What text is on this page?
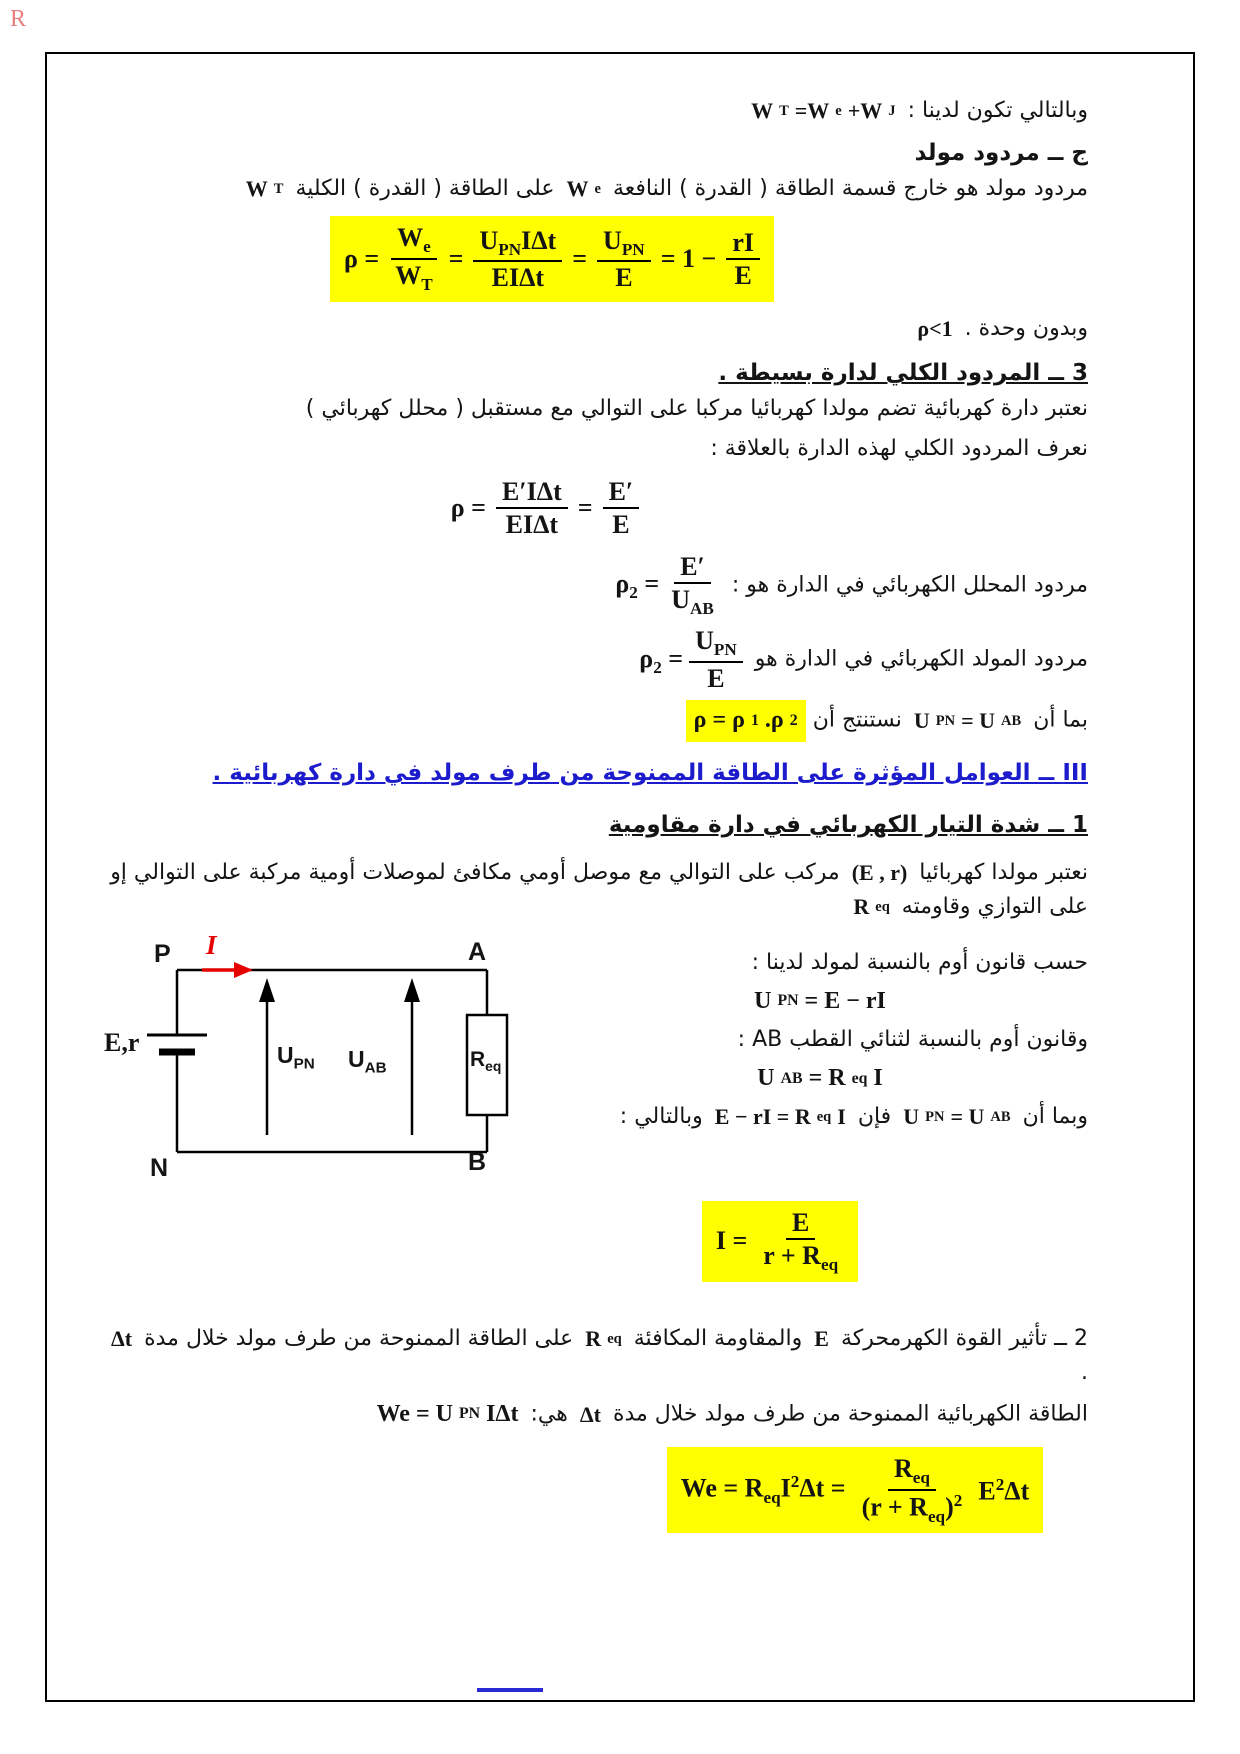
R

وبالتالي تكون لدينا : W T =W e +W J

ج ــ مردود مولد

مردود مولد هو خارج قسمة الطاقة ( القدرة ) النافعة W e
على الطاقة ( القدرة ) الكلية W T

$\rho = \frac{W_e}{W_T} = \frac{U_{PN}I\Delta t}{\text{EIΔt}} = \frac{U_{PN}}{E} = 1 - \frac{rI}{E}$

وبدون وحدة . ρ<1

3 ــ المردود الكلي لدارة بسيطة .

نعتبر دارة كهربائية تضم مولدا كهربائيا مركبا على التوالي مع مستقبل ( محلل كهربائي )

نعرف المردود الكلي لهذه الدارة بالعلاقة :

$\rho = \frac{\text{E′IΔt}}{\text{EIΔt}} = \frac{E'}{E}$

مردود المحلل الكهربائي في الدارة هو :
$\rho_2 = \frac{E'}{U_{AB}}$

مردود المولد الكهربائي في الدارة هو
$\rho_2 = \frac{U_{PN}}{E}$

بما أن U PN = U AB
نستنتج أن ρ = ρ 1 .ρ 2

III ــ العوامل المؤثرة على الطاقة الممنوحة من طرف مولد في دارة كهربائية .
1 ــ شدة التيار الكهربائي في دارة مقاومية

نعتبر مولدا كهربائيا (E , r) مركب على التوالي مع موصل أومي مكافئ لموصلات أومية مركبة على التوالي إو على التوازي وقاومته R eq

حسب قانون أوم بالنسبة لمولد لدينا :

U PN = E − rI

وقانون أوم بالنسبة لثنائي القطب AB :

U AB = R eq I

وبما أن U PN = U AB
فإن E − rI = R eq I وبالتالي :

P I	A
N	B
E,r	$U_{PN}$ $U_{AB}$	$R_{eq}$
$I = \frac{E}{r + R_{eq}}$

2 ــ تأثير القوة الكهرمحركة E والمقاومة المكافئة R eq
على الطاقة الممنوحة من طرف مولد خلال مدة Δt .

الطاقة الكهربائية الممنوحة من طرف مولد خلال مدة Δt هي: We = U PN IΔt

$We = R_{eq}I^2\Delta t = \frac{R_{eq}}{(r + R_{eq})^2} E^2\Delta t$
